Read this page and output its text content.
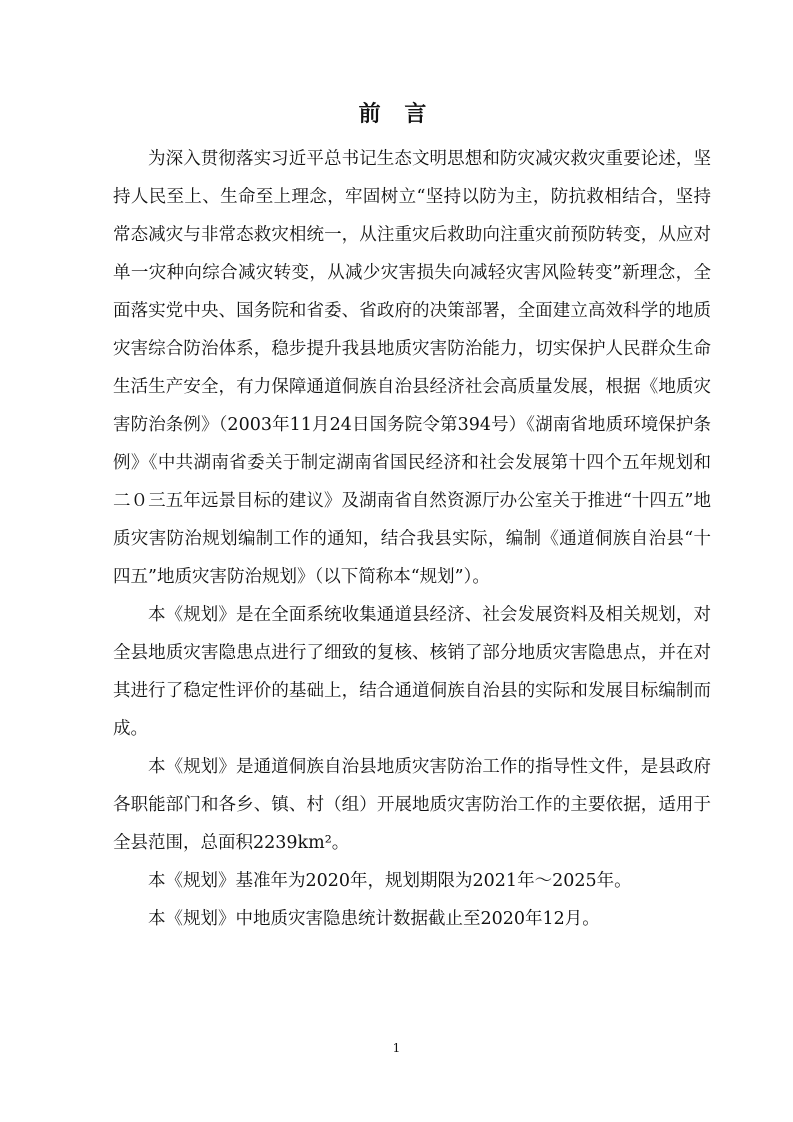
前 言

为深入贯彻落实习近平总书记生态文明思想和防灾减灾救灾重要论述，坚持人民至上、生命至上理念，牢固树立“坚持以防为主，防抗救相结合，坚持常态减灾与非常态救灾相统一，从注重灾后救助向注重灾前预防转变，从应对单一灾种向综合减灾转变，从减少灾害损失向减轻灾害风险转变”新理念，全面落实党中央、国务院和省委、省政府的决策部署，全面建立高效科学的地质灾害综合防治体系，稳步提升我县地质灾害防治能力，切实保护人民群众生命生活生产安全，有力保障通道侗族自治县经济社会高质量发展，根据《地质灾害防治条例》（2003年11月24日国务院令第394号）《湖南省地质环境保护条例》《中共湖南省委关于制定湖南省国民经济和社会发展第十四个五年规划和二０三五年远景目标的建议》及湖南省自然资源厅办公室关于推进“十四五”地质灾害防治规划编制工作的通知，结合我县实际，编制《通道侗族自治县“十四五”地质灾害防治规划》（以下简称本“规划”）。

本《规划》是在全面系统收集通道县经济、社会发展资料及相关规划，对全县地质灾害隐患点进行了细致的复核、核销了部分地质灾害隐患点，并在对其进行了稳定性评价的基础上，结合通道侗族自治县的实际和发展目标编制而成。

本《规划》是通道侗族自治县地质灾害防治工作的指导性文件，是县政府各职能部门和各乡、镇、村（组）开展地质灾害防治工作的主要依据，适用于全县范围，总面积2239km²。

本《规划》基准年为2020年，规划期限为2021年～2025年。

本《规划》中地质灾害隐患统计数据截止至2020年12月。

1
